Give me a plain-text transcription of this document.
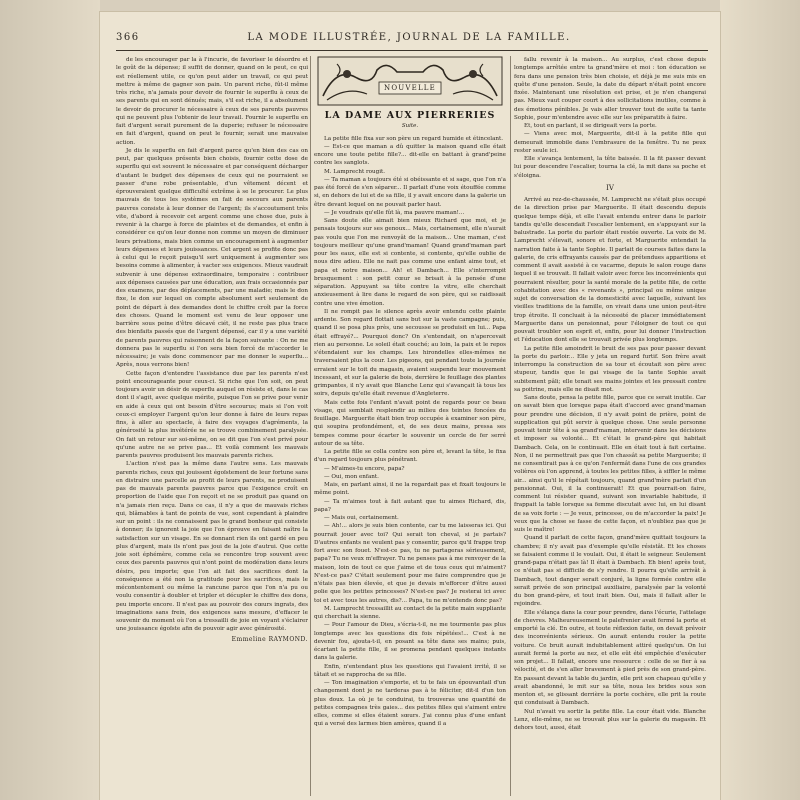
366	LA MODE ILLUSTRÉE, JOURNAL DE LA FAMILLE.

de les encourager par la à l'incurie, de favoriser le désordre et le goût de la dépense; il suffit de donner, quand on le peut, ce qui est réellement utile, ce qu'on peut aider un travail, ce qui peut mettre à même de gagner son pain. Un parent riche, fût-il même très riche, n'a jamais pour devoir de fournir le superflu à ceux de ses parents qui en sont dénués; mais, s'il est riche, il a absolument le devoir de procurer le nécessaire à ceux de ses parents pauvres qui ne peuvent plus l'obtenir de leur travail. Fournir le superflu en fait d'argent serait purement de la duperie; refuser le nécessaire en fait d'argent, quand on peut le fournir, serait une mauvaise action.

Je dis le superflu en fait d'argent parce qu'en bien des cas on peut, par quelques présents bien choisis, fournir cette dose de superflu qui est souvent le nécessaire et par conséquent décharger d'autant le budget des dépenses de ceux qui ne pourraient se passer d'une robe présentable, d'un vêtement décent et éprouveraient quelque difficulté extrême à se le procurer. Le plus mauvais de tous les systèmes en fait de secours aux parents pauvres consiste à leur donner de l'argent; ils s'accoutument très vite, d'abord à recevoir cet argent comme une chose due, puis à revenir à la charge à force de plaintes et de demandes, et enfin à considérer ce qu'on leur donne non comme un moyen de diminuer leurs privations, mais bien comme un encouragement à augmenter leurs dépenses et leurs jouissances. Cet argent se profite donc pas à celui qui le reçoit puisqu'il sert uniquement à augmenter ses besoins comme à alimenter, à vacter ses exigences. Mieux vaudrait subvenir à une dépense extraordinaire, temporaire : contribuer aux dépenses causées par une éducation, aux frais occasionnés par des examens, par des déplacements, par une maladie; mais le don fixe, le don sur lequel on compte absolument sert seulement de point de départ à des demandes dont le chiffre croît par la force des choses. Quand le moment est venu de leur opposer une barrière sous peine d'être décavé ciét, il ne reste pas plus trace des bienfaits passés que de l'argent dépensé, car il y a une variété de parents pauvres qui raisonnent de la façon suivante : On ne me donnera pas le superflu si l'on sera bien forcé de m'accorder le nécessaire; je vais donc commencer par me donner le superflu... Après, nous verrons bien!

Cette façon d'entendre l'assistance due par les parents n'est point encourageante pour ceux-ci. Si riche que l'on soit, on peut toujours avoir un désir de superflu auquel on résiste et, dans le cas dont il s'agit, avec quelque mérite, puisque l'on se prive pour venir en aide à ceux qui ont besoin d'être secourus; mais si l'on voit ceux-ci employer l'argent qu'on leur donne à faire de leurs repas fins, à aller au spectacle, à faire des voyages d'agréments, la générosité la plus invétérée ne se trouve combinement paralysée. On fait un retour sur soi-même, on se dit que l'on s'est privé pour qu'une autre ne se prive pas... Et voilà comment les mauvais parents pauvres produisent les mauvais parents riches.

L'action n'est pas la même dans l'autre sens. Les mauvais parents riches, ceux qui jouissent égoïstement de leur fortune sans en distraire une parcelle au profit de leurs parents, ne produisent pas de mauvais parents pauvres parce que l'exigence croît en proportion de l'aide que l'on reçoit et ne se produit pas quand on n'a jamais rien reçu. Dans ce cas, il n'y a que de mauvais riches qui, blâmables à tant de points de vue, sont cependant à plaindre sur un point : ils ne connaissent pas le grand bonheur qui consiste à donner; ils ignorent la joie que l'on éprouve en faisant naître la satisfaction sur un visage. En se donnant rien ils ont gardé en peu plus d'argent, mais ils n'ont pas joui de la joie d'autrui. Que cette joie soit éphémère, comme cela se rencontre trop souvent avec ceux des parents pauvres qui n'ont point de modération dans leurs désirs, peu importe; que l'on ait fait des sacrifices dont la conséquence a été non la gratitude pour les sacrifices, mais le mécontentement ou même la rancune parce que l'on n'a pu ou voulu consentir à doubler et tripler et décupler le chiffre des dons, peu importe encore. Il n'est pas au pouvoir des cœurs ingrats, des imaginations sans frein, des exigences sans mesure, d'effacer le souvenir du moment où l'on a tressailli de joie en voyant s'éclairer une jouissance égoïste afin de pouvoir agir avec générosité.

Emmeline RAYMOND.
NOUVELLE
LA DAME AUX PIERRERIES
Suite.

La petite fille fixa sur son père un regard humide et étincelant.

— Est-ce que maman a dû quitter la maison quand elle était encore une toute petite fille?... dit-elle en battant à grand'peine contre les sanglots.

M. Lamprecht rougit.

— Ta maman a toujours été si obéissante et si sage, que l'on n'a pas été forcé de s'en séparer... Il parlait d'une voix étouffée comme si, en dehors de lui et de sa fille, il y avait encore dans la galerie un être devant lequel on ne pouvait parler haut.

— Je voudrais qu'elle fût là, ma pauvre maman!...

Sans doute elle aimait bien mieux Richard que moi, et je pensais toujours sur ses genoux... Mais, certainement, elle n'aurait pas voulu que l'on me renvoyât de la maison... Une maman, c'est toujours meilleur qu'une grand'maman! Quand grand'maman part pour les eaux, elle est si contente, si contente, qu'elle oublie de nous dire adieu. Elle ne nait pas comme une enfant aime tout, et papa et notre maison... Ah! et Dambach... Elle s'interrompit brusquement : son petit cœur se brisait à la pensée d'une séparation. Appuyant sa tête contre la vitre, elle cherchait anxieusement à lire dans le regard de son père, qui se raidissait contre une vive émotion.

Il ne rompit pas le silence après avoir entendu cette plainte ardente. Son regard flottait sans but sur la vaste campagne; puis, quand il se posa plus près, une secousse se produisit en lui... Papa était effrayé?... Pourquoi donc? On s'entendait, on n'apercevait rien au personne. Le soleil était couché; au loin, la paix et le repos s'étendaient sur les champs. Les hirondelles elles-mêmes ne traversaient plus la cour. Les pigeons, qui pendant toute la journée erraient sur le toit du magasin, avaient suspendu leur mouvement incessant, et sur la galerie de bois, derrière le feuillage des plantes grimpantes, il n'y avait que Blanche Lenz qui s'avançait là tous les soirs, depuis qu'elle était revenue d'Angleterre.

Mais cette fois l'enfant n'avait point de regards pour ce beau visage, qui semblait resplendir au milieu des teintes foncées du feuillage. Marguerite était bien trop occupée à examiner son père, qui soupira profondément, et, de ses deux mains, pressa ses tempes comme pour écarter le souvenir un cercle de fer serré autour de sa tête.

La petite fille se colla contre son père et, levant la tête, le fixa d'un regard toujours plus pénétrant.

— M'aimes-tu encore, papa?

— Oui, mon enfant.

Mais, en parlant ainsi, il ne la regardait pas et fixait toujours le même point.

— Ta m'aimes tout à fait autant que tu aimes Richard, dis, papa?

— Mais oui, certainement.

— Ah!... alors je suis bien contente, car tu me laisseras ici. Qui pourrait jouer avec toi? Qui serait ton cheval, si je partais? D'autres enfants ne veulent pas y consentir, parce qu'il frappe trop fort avec son fouet. N'est-ce pas, tu ne partageras sérieusement, papa? Tu ne veux m'effrayer. Tu ne penses pas à me renvoyer de la maison, loin de tout ce que j'aime et de tous ceux qui m'aiment? N'est-ce pas? C'était seulement pour me faire comprendre que je n'étais pas bien élevée, et que je devais m'efforcer d'être aussi polie que les petites princesses? N'est-ce pas? Je resterai ici avec toi et avec tous les autres, dis?... Papa, tu ne m'entends donc pas?

M. Lamprecht tressaillit au contact de la petite main suppliante qui cherchait la sienne.

— Pour l'amour de Dieu, s'écria-t-il, ne me tourmente pas plus longtemps avec les questions dix fois répétées!... C'est à ne devenir fou, ajouta-t-il, en posant sa tête dans ses mains; puis, écartant la petite fille, il se promena pendant quelques instants dans la galerie.

Enfin, n'entendant plus les questions qui l'avaient irrité, il se tâtait et se rapprocha de sa fille.

— Ton imagination s'emporte, et tu te fais un épouvantail d'un changement dont je ne tarderas pas à te féliciter, dit-il d'un ton plus doux. La où je te conduirai, tu trouveras une quantité de petites compagnes très gaies... des petites filles qui s'aiment entre elles, comme si elles étaient sœurs. J'ai connu plus d'une enfant qui a versé des larmes bien amères, quand il a

fallu revenir à la maison... Au surplus, c'est chose depuis longtemps arrêtée entre ta grand'mère et moi : ton éducation se fera dans une pension très bien choisie, et déjà je me suis mis en quête d'une pension. Seule, la date du départ n'était point encore fixée. Maintenant une résolution est prise, et je n'en changerai pas. Mieux vaut couper court à des sollicitations inutiles, comme à des émotions pénibles. Je vais aller trouver tout de suite ta tante Sophie, pour m'entendre avec elle sur les préparatifs à faire.

Et, tout en parlant, il se dirigeait vers la porte.

— Viens avec moi, Marguerite, dit-il à la petite fille qui demeurait immobile dans l'embrasure de la fenêtre. Tu ne peux rester seule ici.

Elle s'avança lentement, la tête baissée. Il la fit passer devant lui pour descendre l'escalier, tourna la clé, la mit dans sa poche et s'éloigna.

IV

Arrivé au rez-de-chaussée, M. Lamprecht ne s'était plus occupé de la direction prise par Marguerite. Il était descendu depuis quelque temps déjà, et elle l'avait entendu entrer dans le parloir tandis qu'elle descendait l'escalier lentement, en s'appuyant sur la balustrade. La porte du parloir était restée ouverte. La voix de M. Lamprecht s'élevait, sonore et forte, et Marguerite entendait la narration faite à la tante Sophie. Il parlait de courses faites dans la galerie, de cris effrayants causés par de prétendues apparitions et comment il avait assisté à ce vacarme, depuis le salon rouge dans lequel il se trouvait. Il fallait valoir avec force les inconvénients qui pourraient résulter, pour la santé morale de la petite fille, de cette cohabitation avec des « revenants », principal ou même unique sujet de conversation de la domesticité avec laquelle, suivant les vieilles traditions de la famille, on vivait dans une union peut-être trop étroite. Il concluait à la nécessité de placer immédiatement Marguerite dans un pensionnat, pour l'éloigner de tout ce qui pouvait troubler son esprit et, enfin, pour lui donner l'instruction et l'éducation dont elle se trouvait privée plus longtemps.

La petite fille amoindrit le bruit de ses pas pour passer devant la porte du parloir... Elle y jeta un regard furtif. Son frère avait interrompu la construction de sa tour et écoutait son père avec stupeur, tandis que le gai visage de la tante Sophie avait subitement pâli; elle tenait ses mains jointes et les pressait contre sa poitrine, mais elle ne disait mot.

Sans doute, pensa la petite fille, parce que ce serait inutile. Car on savait bien que lorsque papa était d'accord avec grand'maman pour prendre une décision, il n'y avait point de prière, point de supplication qui pût servir à quelque chose. Une seule personne pouvait tenir tête à sa grand'maman, intervenir dans les décisions et imposer sa volonté... Et c'était le grand-père qui habitait Dambach. Cela, on le continuait. Elle en était tout à fait certaine. Non, il ne permettrait pas que l'on chassât sa petite Marguerite; il ne consentirait pas à ce qu'on l'enfermât dans l'une de ces grandes volières où l'on apprend, à toutes les petites filles, à siffler le même air... ainsi qu'il le répétait toujours, quand grand'mère parlait d'un pensionnat. Oui, il la continuerait! Et que pourrait-on faire, comment lui résister quand, suivant son invariable habitude, il frappait la table lorsque sa femme discutait avec lui, en lui disant de sa voix forte : — Je veux, princesse, ou de m'accorder la paix! Je veux que la chose se fasse de cette façon, et n'oubliez pas que je suis le maître!

Quand il parlait de cette façon, grand'mère quittait toujours la chambre; il n'y avait pas d'exemple qu'elle résistât. Et les choses se faisaient comme il le voulait. Oui, il était le seigneur. Seulement grand-papa n'était pas là! Il était à Dambach. Eh bien! après tout, ce n'était pas si difficile de s'y rendre. Il pourra qu'elle arrivât à Dambach, tout danger serait conjuré, la ligne formée contre elle serait privée de son principal auxiliaire, paralysée par la volonté du bon grand-père, et tout irait bien. Oui, mais il fallait aller le rejoindre.

Elle s'élança dans la cour pour prendre, dans l'écurie, l'attelage de chevres. Malheureusement le palefrenier avait fermé la porte et emporté la clé. En outre, et toute réflexion faite, on devait prévoir des inconvénients sérieux. On aurait entendu rouler la petite voiture. Ce bruit aurait indubitablement attiré quelqu'un. On lui aurait fermé la porte au nez, et elle eût été empêchée d'exécuter son projet... Il fallait, encore une ressource : celle de se fier à sa vélocité, et de s'en aller bravement à pied près de son grand-père. En passant devant la table du jardin, elle prit son chapeau qu'elle y avait abandonné, le mit sur sa tête, noua les brides sous son menton et, se glissant derrière la porte cochère, elle prit la route qui conduisait à Dambach.

Nul n'avait vu sortir la petite fille. La cour était vide. Blanche Lenz, elle-même, ne se trouvait plus sur la galerie du magasin. Et dehors tout, aussi, était
